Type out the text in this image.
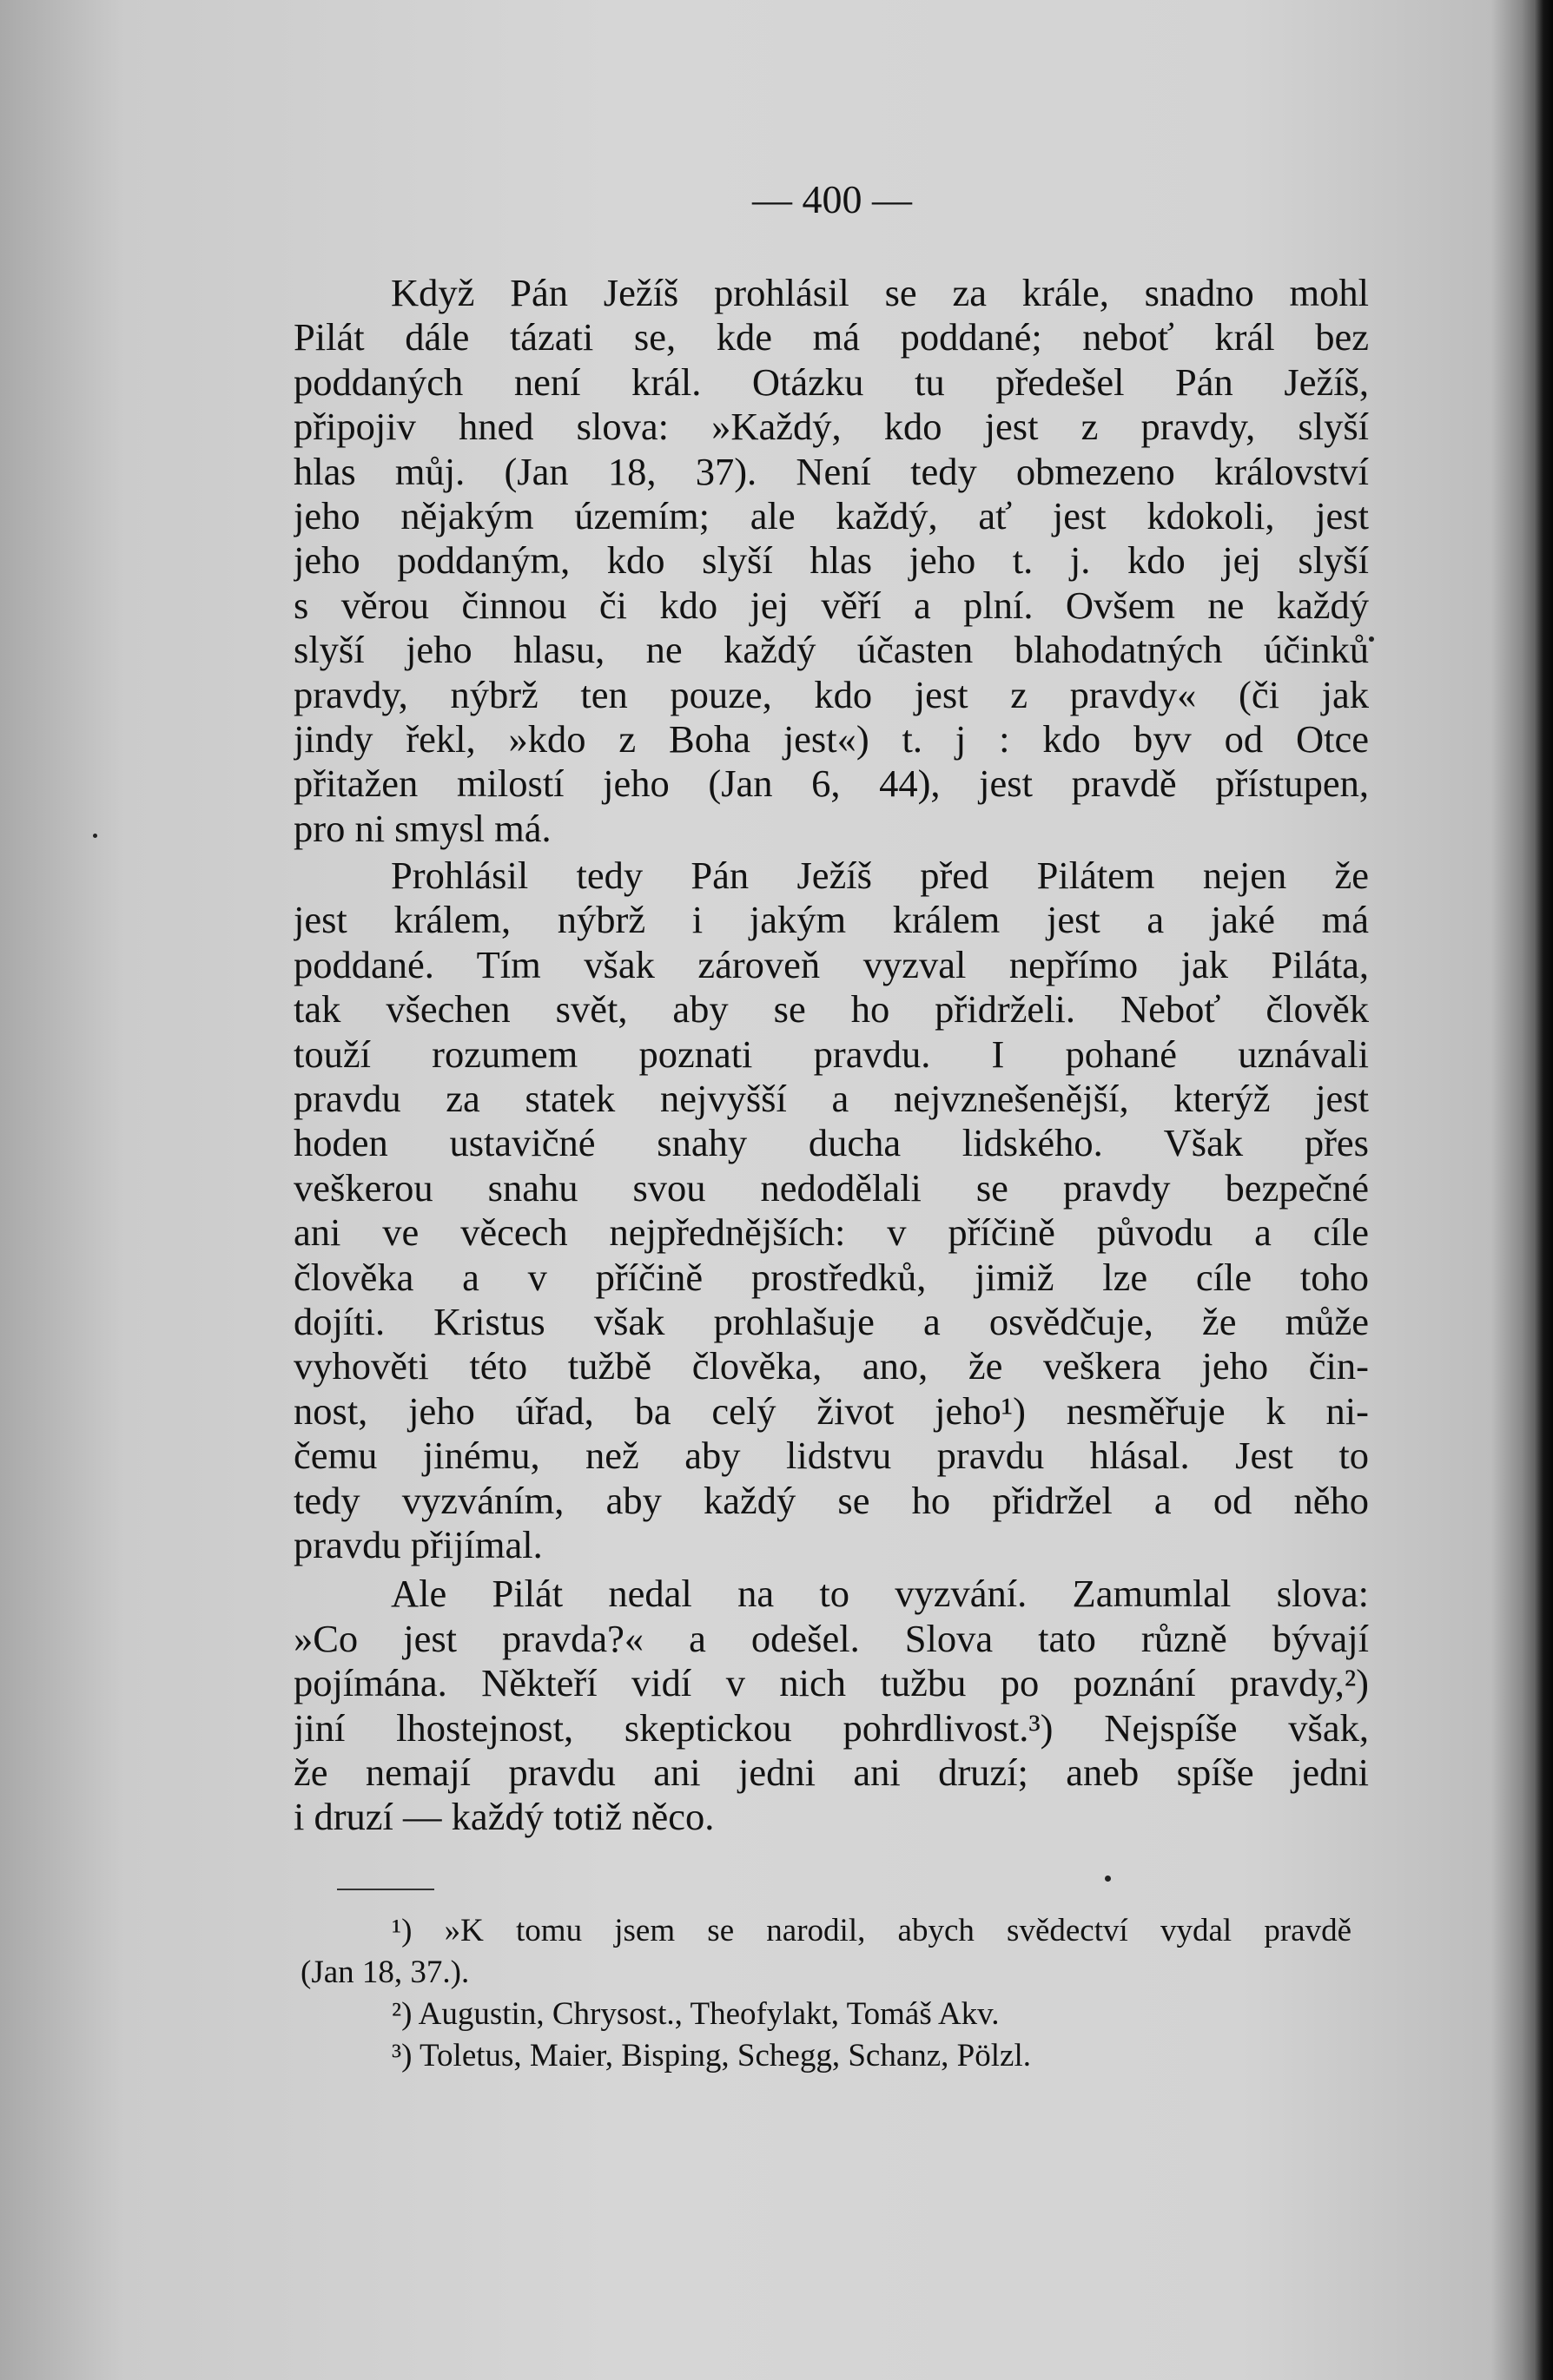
— 400 —

Když Pán Ježíš prohlásil se za krále, snadno mohl
Pilát dále tázati se, kde má poddané; neboť král bez
poddaných není král. Otázku tu předešel Pán Ježíš,
připojiv hned slova: »Každý, kdo jest z pravdy, slyší
hlas můj. (Jan 18, 37). Není tedy obmezeno království
jeho nějakým územím; ale každý, ať jest kdokoli, jest
jeho poddaným, kdo slyší hlas jeho t. j. kdo jej slyší
s věrou činnou či kdo jej věří a plní. Ovšem ne každý
slyší jeho hlasu, ne každý účasten blahodatných účinků
pravdy, nýbrž ten pouze, kdo jest z pravdy« (či jak
jindy řekl, »kdo z Boha jest«) t. j : kdo byv od Otce
přitažen milostí jeho (Jan 6, 44), jest pravdě přístupen,
pro ni smysl má.

Prohlásil tedy Pán Ježíš před Pilátem nejen že
jest králem, nýbrž i jakým králem jest a jaké má
poddané. Tím však zároveň vyzval nepřímo jak Piláta,
tak všechen svět, aby se ho přidrželi. Neboť člověk
touží rozumem poznati pravdu. I pohané uznávali
pravdu za statek nejvyšší a nejvznešenější, kterýž jest
hoden ustavičné snahy ducha lidského. Však přes
veškerou snahu svou nedodělali se pravdy bezpečné
ani ve věcech nejpřednějších: v příčině původu a cíle
člověka a v příčině prostředků, jimiž lze cíle toho
dojíti. Kristus však prohlašuje a osvědčuje, že může
vyhověti této tužbě člověka, ano, že veškera jeho čin-
nost, jeho úřad, ba celý život jeho¹) nesměřuje k ni-
čemu jinému, než aby lidstvu pravdu hlásal. Jest to
tedy vyzváním, aby každý se ho přidržel a od něho
pravdu přijímal.

Ale Pilát nedal na to vyzvání. Zamumlal slova:
»Co jest pravda?« a odešel. Slova tato různě bývají
pojímána. Někteří vidí v nich tužbu po poznání pravdy,²)
jiní lhostejnost, skeptickou pohrdlivost.³) Nejspíše však,
že nemají pravdu ani jedni ani druzí; aneb spíše jedni
i druzí — každý totiž něco.

¹) »K tomu jsem se narodil, abych svědectví vydal pravdě
(Jan 18, 37.).

²) Augustin, Chrysost., Theofylakt, Tomáš Akv.

³) Toletus, Maier, Bisping, Schegg, Schanz, Pölzl.
